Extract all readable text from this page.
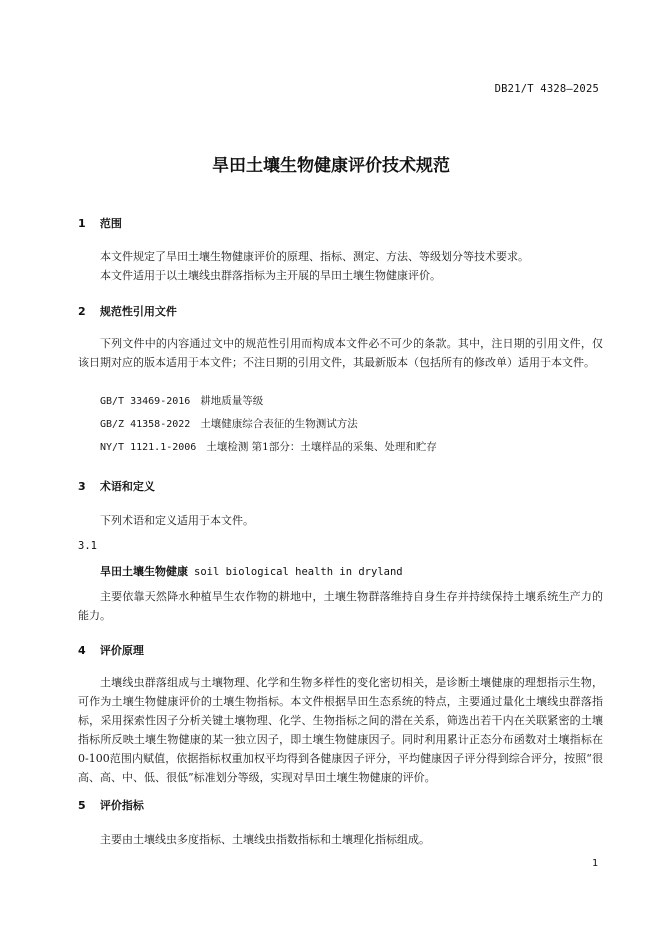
DB21/T 4328—2025
旱田土壤生物健康评价技术规范
1 范围
本文件规定了旱田土壤生物健康评价的原理、指标、测定、方法、等级划分等技术要求。
本文件适用于以土壤线虫群落指标为主开展的旱田土壤生物健康评价。
2 规范性引用文件
下列文件中的内容通过文中的规范性引用而构成本文件必不可少的条款。其中，注日期的引用文件，仅该日期对应的版本适用于本文件；不注日期的引用文件，其最新版本（包括所有的修改单）适用于本文件。
GB/T 33469-2016 耕地质量等级
GB/Z 41358-2022 土壤健康综合表征的生物测试方法
NY/T 1121.1-2006 土壤检测 第1部分：土壤样品的采集、处理和贮存
3 术语和定义
下列术语和定义适用于本文件。
3.1
旱田土壤生物健康 soil biological health in dryland
主要依靠天然降水种植旱生农作物的耕地中，土壤生物群落维持自身生存并持续保持土壤系统生产力的能力。
4 评价原理
土壤线虫群落组成与土壤物理、化学和生物多样性的变化密切相关，是诊断土壤健康的理想指示生物，可作为土壤生物健康评价的土壤生物指标。本文件根据旱田生态系统的特点，主要通过量化土壤线虫群落指标，采用探索性因子分析关键土壤物理、化学、生物指标之间的潜在关系，筛选出若干内在关联紧密的土壤指标所反映土壤生物健康的某一独立因子，即土壤生物健康因子。同时利用累计正态分布函数对土壤指标在0-100范围内赋值，依据指标权重加权平均得到各健康因子评分，平均健康因子评分得到综合评分，按照“很高、高、中、低、很低”标准划分等级，实现对旱田土壤生物健康的评价。
5 评价指标
主要由土壤线虫多度指标、土壤线虫指数指标和土壤理化指标组成。
1
